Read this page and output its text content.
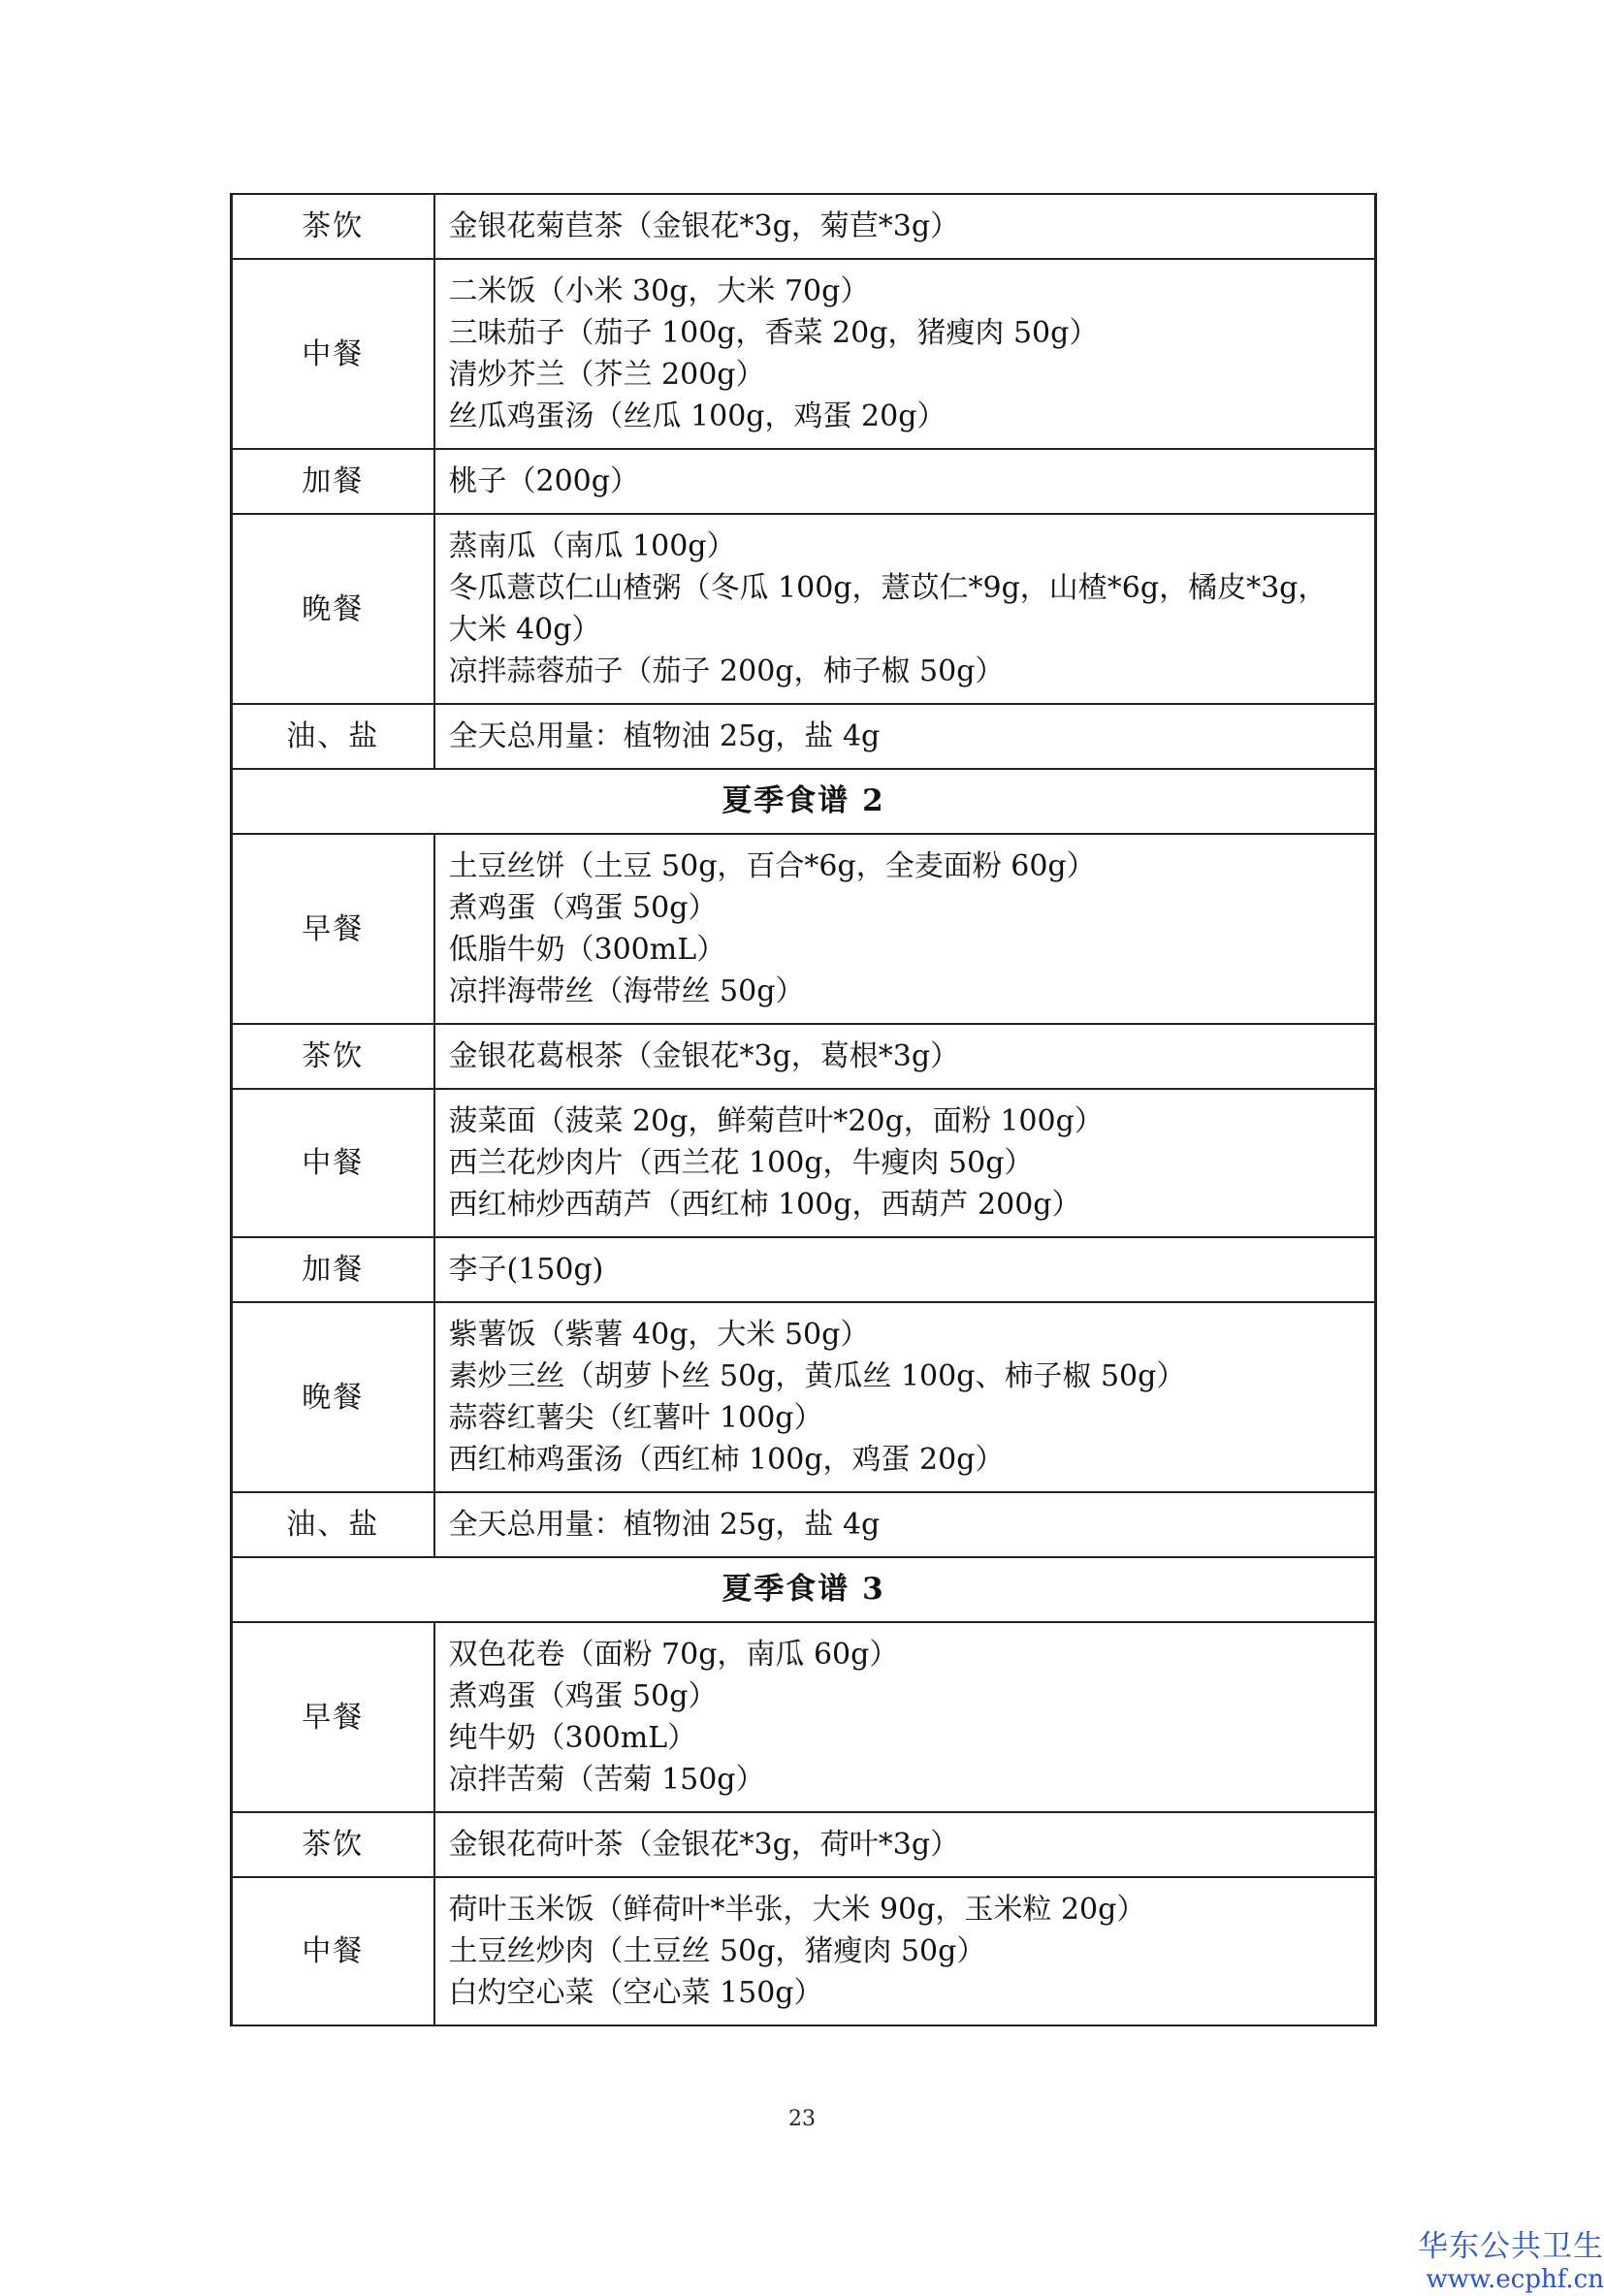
茶饮	金银花菊苣茶（金银花*3g，菊苣*3g）

中餐	二米饭（小米 30g，大米 70g）
三味茄子（茄子 100g，香菜 20g，猪瘦肉 50g）
清炒芥兰（芥兰 200g）
丝瓜鸡蛋汤（丝瓜 100g，鸡蛋 20g）

加餐	桃子（200g）

晚餐	蒸南瓜（南瓜 100g）
冬瓜薏苡仁山楂粥（冬瓜 100g，薏苡仁*9g，山楂*6g，橘皮*3g，
大米 40g）
凉拌蒜蓉茄子（茄子 200g，柿子椒 50g）

油、盐	全天总用量：植物油 25g，盐 4g

夏季食谱 2	
早餐	土豆丝饼（土豆 50g，百合*6g，全麦面粉 60g）
煮鸡蛋（鸡蛋 50g）
低脂牛奶（300mL）
凉拌海带丝（海带丝 50g）

茶饮	金银花葛根茶（金银花*3g，葛根*3g）

中餐	菠菜面（菠菜 20g，鲜菊苣叶*20g，面粉 100g）
西兰花炒肉片（西兰花 100g，牛瘦肉 50g）
西红柿炒西葫芦（西红柿 100g，西葫芦 200g）

加餐	李子(150g)

晚餐	紫薯饭（紫薯 40g，大米 50g）
素炒三丝（胡萝卜丝 50g，黄瓜丝 100g、柿子椒 50g）
蒜蓉红薯尖（红薯叶 100g）
西红柿鸡蛋汤（西红柿 100g，鸡蛋 20g）

油、盐	全天总用量：植物油 25g，盐 4g

夏季食谱 3	
早餐	双色花卷（面粉 70g，南瓜 60g）
煮鸡蛋（鸡蛋 50g）
纯牛奶（300mL）
凉拌苦菊（苦菊 150g）

茶饮	金银花荷叶茶（金银花*3g，荷叶*3g）

中餐	荷叶玉米饭（鲜荷叶*半张，大米 90g，玉米粒 20g）
土豆丝炒肉（土豆丝 50g，猪瘦肉 50g）
白灼空心菜（空心菜 150g）
23
华东公共卫生
www.ecphf.cn
